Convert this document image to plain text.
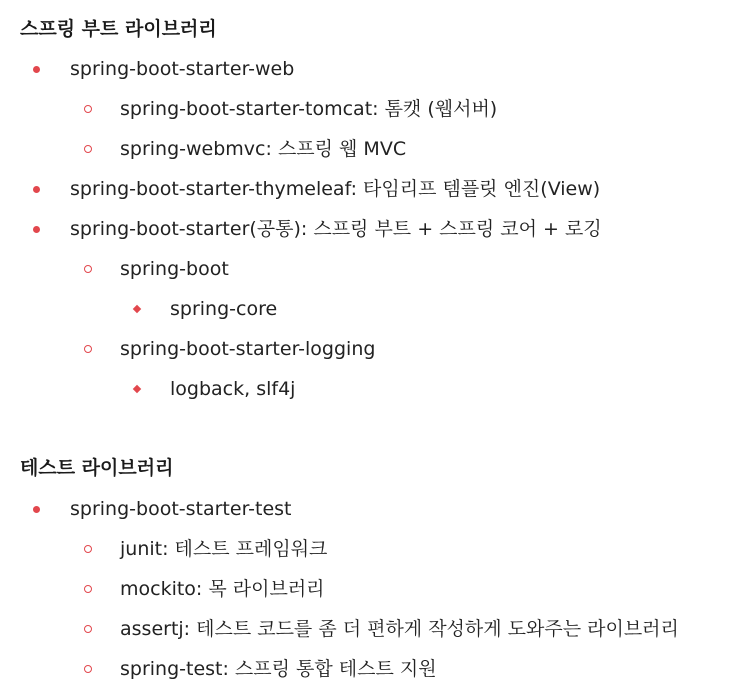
스프링 부트 라이브러리
spring-boot-starter-web
spring-boot-starter-tomcat: 톰캣 (웹서버)
spring-webmvc: 스프링 웹 MVC
spring-boot-starter-thymeleaf: 타임리프 템플릿 엔진(View)
spring-boot-starter(공통): 스프링 부트 + 스프링 코어 + 로깅
spring-boot
spring-core
spring-boot-starter-logging
logback, slf4j
테스트 라이브러리
spring-boot-starter-test
junit: 테스트 프레임워크
mockito: 목 라이브러리
assertj: 테스트 코드를 좀 더 편하게 작성하게 도와주는 라이브러리
spring-test: 스프링 통합 테스트 지원
